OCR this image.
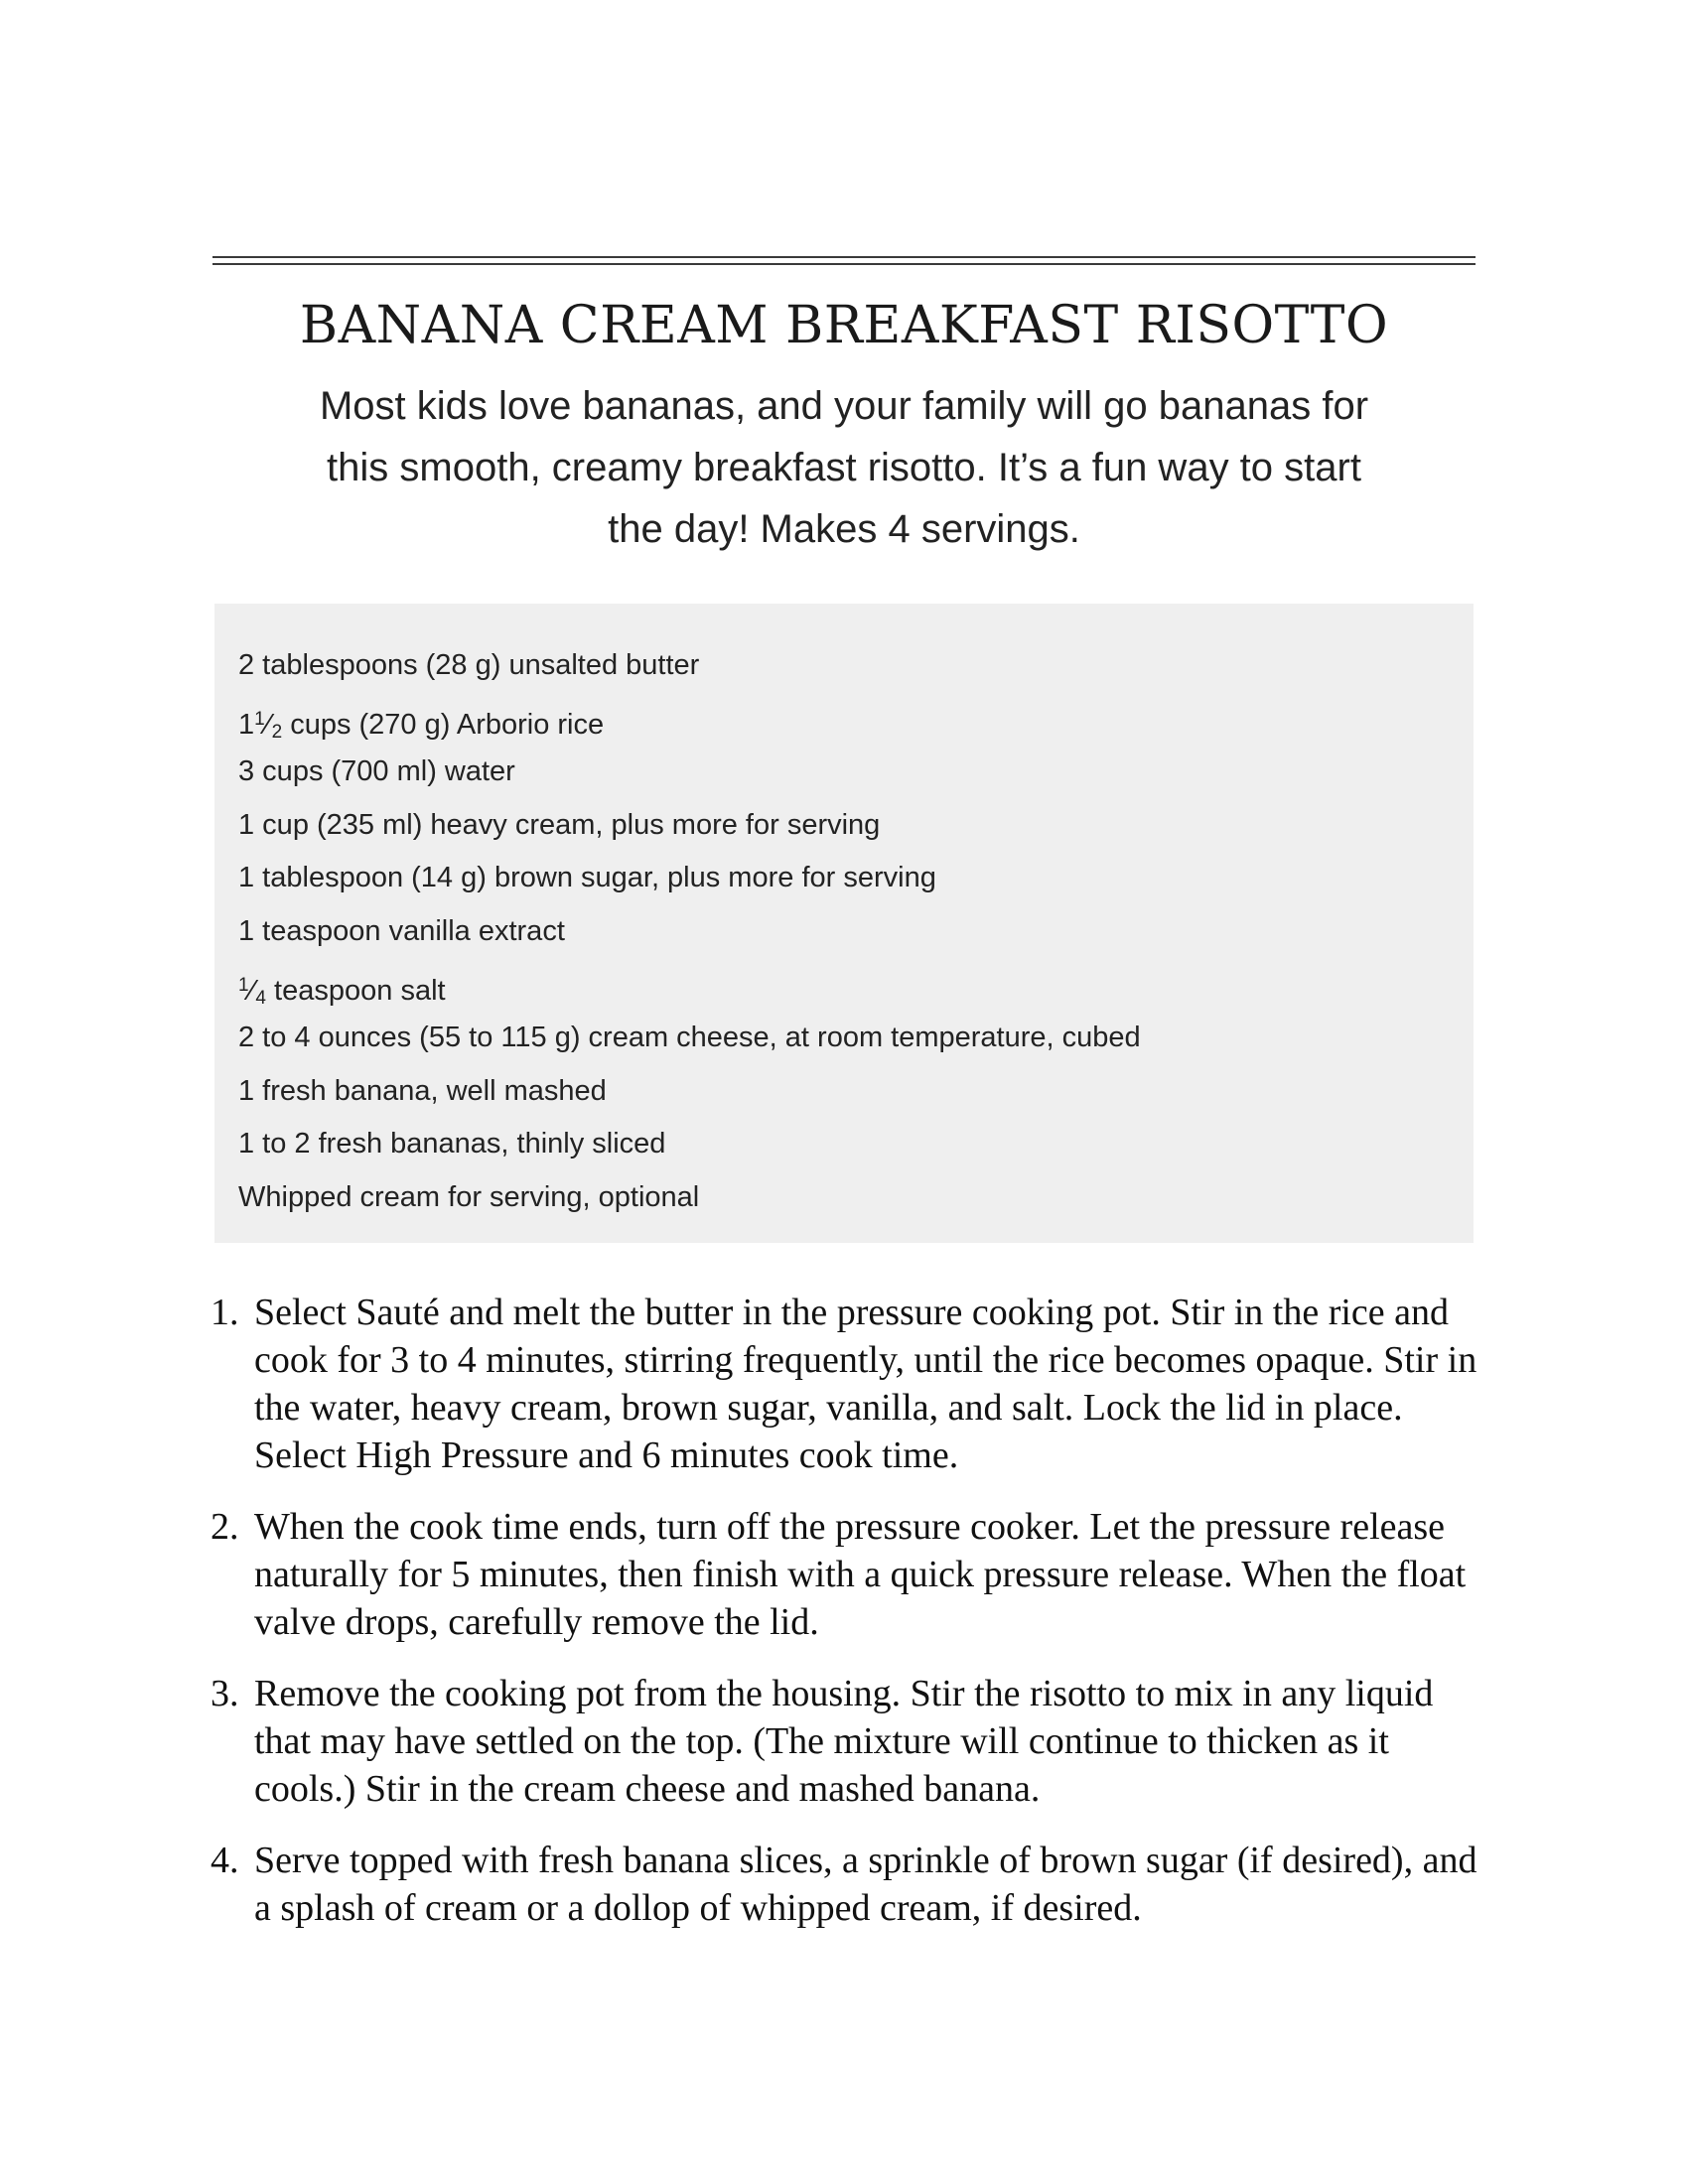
BANANA CREAM BREAKFAST RISOTTO

Most kids love bananas, and your family will go bananas for
this smooth, creamy breakfast risotto. It’s a fun way to start
the day! Makes 4 servings.

2 tablespoons (28 g) unsalted butter
$1^1⁄2$ cups (270 g) Arborio rice
3 cups (700 ml) water
1 cup (235 ml) heavy cream, plus more for serving
1 tablespoon (14 g) brown sugar, plus more for serving
1 teaspoon vanilla extract
$^1$⁄4 teaspoon salt
2 to 4 ounces (55 to 115 g) cream cheese, at room temperature, cubed
1 fresh banana, well mashed
1 to 2 fresh bananas, thinly sliced
Whipped cream for serving, optional
1. Select Sauté and melt the butter in the pressure cooking pot. Stir in the rice and cook for 3 to 4 minutes, stirring frequently, until the rice becomes opaque. Stir in the water, heavy cream, brown sugar, vanilla, and salt. Lock the lid in place. Select High Pressure and 6 minutes cook time.
2. When the cook time ends, turn off the pressure cooker. Let the pressure release naturally for 5 minutes, then finish with a quick pressure release. When the float valve drops, carefully remove the lid.
3. Remove the cooking pot from the housing. Stir the risotto to mix in any liquid that may have settled on the top. (The mixture will continue to thicken as it cools.) Stir in the cream cheese and mashed banana.
4. Serve topped with fresh banana slices, a sprinkle of brown sugar (if desired), and a splash of cream or a dollop of whipped cream, if desired.
